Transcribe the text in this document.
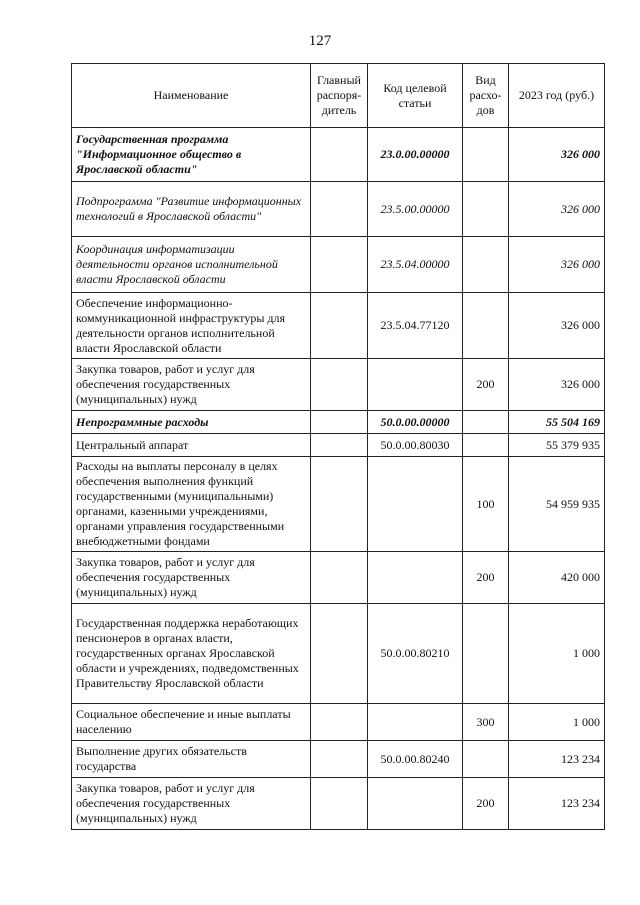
127
Наименование	Главный распоря-дитель	Код целевой статьи	Вид расхо-дов	2023 год (руб.)
Государственная программа "Информационное общество в Ярославской области"		23.0.00.00000		326 000
Подпрограмма "Развитие информационных технологий в Ярославской области"		23.5.00.00000		326 000
Координация информатизации деятельности органов исполнительной власти Ярославской области		23.5.04.00000		326 000
Обеспечение информационно-коммуникационной инфраструктуры для деятельности органов исполнительной власти Ярославской области		23.5.04.77120		326 000
Закупка товаров, работ и услуг для обеспечения государственных (муниципальных) нужд			200	326 000
Непрограммные расходы		50.0.00.00000		55 504 169
Центральный аппарат		50.0.00.80030		55 379 935
Расходы на выплаты персоналу в целях обеспечения выполнения функций государственными (муниципальными) органами, казенными учреждениями, органами управления государственными внебюджетными фондами			100	54 959 935
Закупка товаров, работ и услуг для обеспечения государственных (муниципальных) нужд			200	420 000
Государственная поддержка неработающих пенсионеров в органах власти, государственных органах Ярославской области и учреждениях, подведомственных Правительству Ярославской области		50.0.00.80210		1 000
Социальное обеспечение и иные выплаты населению			300	1 000
Выполнение других обязательств государства		50.0.00.80240		123 234
Закупка товаров, работ и услуг для обеспечения государственных (муниципальных) нужд			200	123 234
